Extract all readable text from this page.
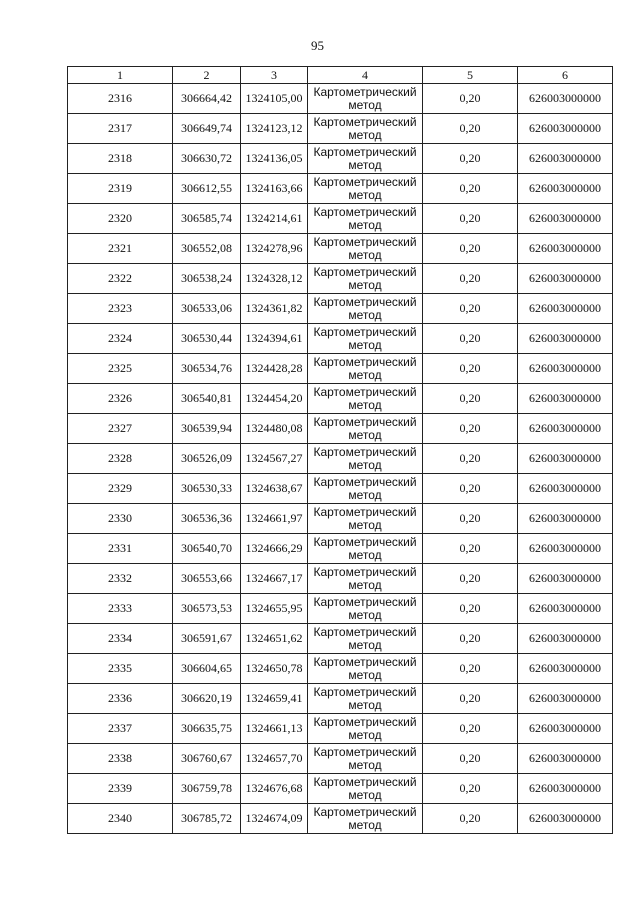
95
1	2	3	4	5	6
2316	306664,42	1324105,00	Картометрический
метод	0,20	626003000000
2317	306649,74	1324123,12	Картометрический
метод	0,20	626003000000
2318	306630,72	1324136,05	Картометрический
метод	0,20	626003000000
2319	306612,55	1324163,66	Картометрический
метод	0,20	626003000000
2320	306585,74	1324214,61	Картометрический
метод	0,20	626003000000
2321	306552,08	1324278,96	Картометрический
метод	0,20	626003000000
2322	306538,24	1324328,12	Картометрический
метод	0,20	626003000000
2323	306533,06	1324361,82	Картометрический
метод	0,20	626003000000
2324	306530,44	1324394,61	Картометрический
метод	0,20	626003000000
2325	306534,76	1324428,28	Картометрический
метод	0,20	626003000000
2326	306540,81	1324454,20	Картометрический
метод	0,20	626003000000
2327	306539,94	1324480,08	Картометрический
метод	0,20	626003000000
2328	306526,09	1324567,27	Картометрический
метод	0,20	626003000000
2329	306530,33	1324638,67	Картометрический
метод	0,20	626003000000
2330	306536,36	1324661,97	Картометрический
метод	0,20	626003000000
2331	306540,70	1324666,29	Картометрический
метод	0,20	626003000000
2332	306553,66	1324667,17	Картометрический
метод	0,20	626003000000
2333	306573,53	1324655,95	Картометрический
метод	0,20	626003000000
2334	306591,67	1324651,62	Картометрический
метод	0,20	626003000000
2335	306604,65	1324650,78	Картометрический
метод	0,20	626003000000
2336	306620,19	1324659,41	Картометрический
метод	0,20	626003000000
2337	306635,75	1324661,13	Картометрический
метод	0,20	626003000000
2338	306760,67	1324657,70	Картометрический
метод	0,20	626003000000
2339	306759,78	1324676,68	Картометрический
метод	0,20	626003000000
2340	306785,72	1324674,09	Картометрический
метод	0,20	626003000000
